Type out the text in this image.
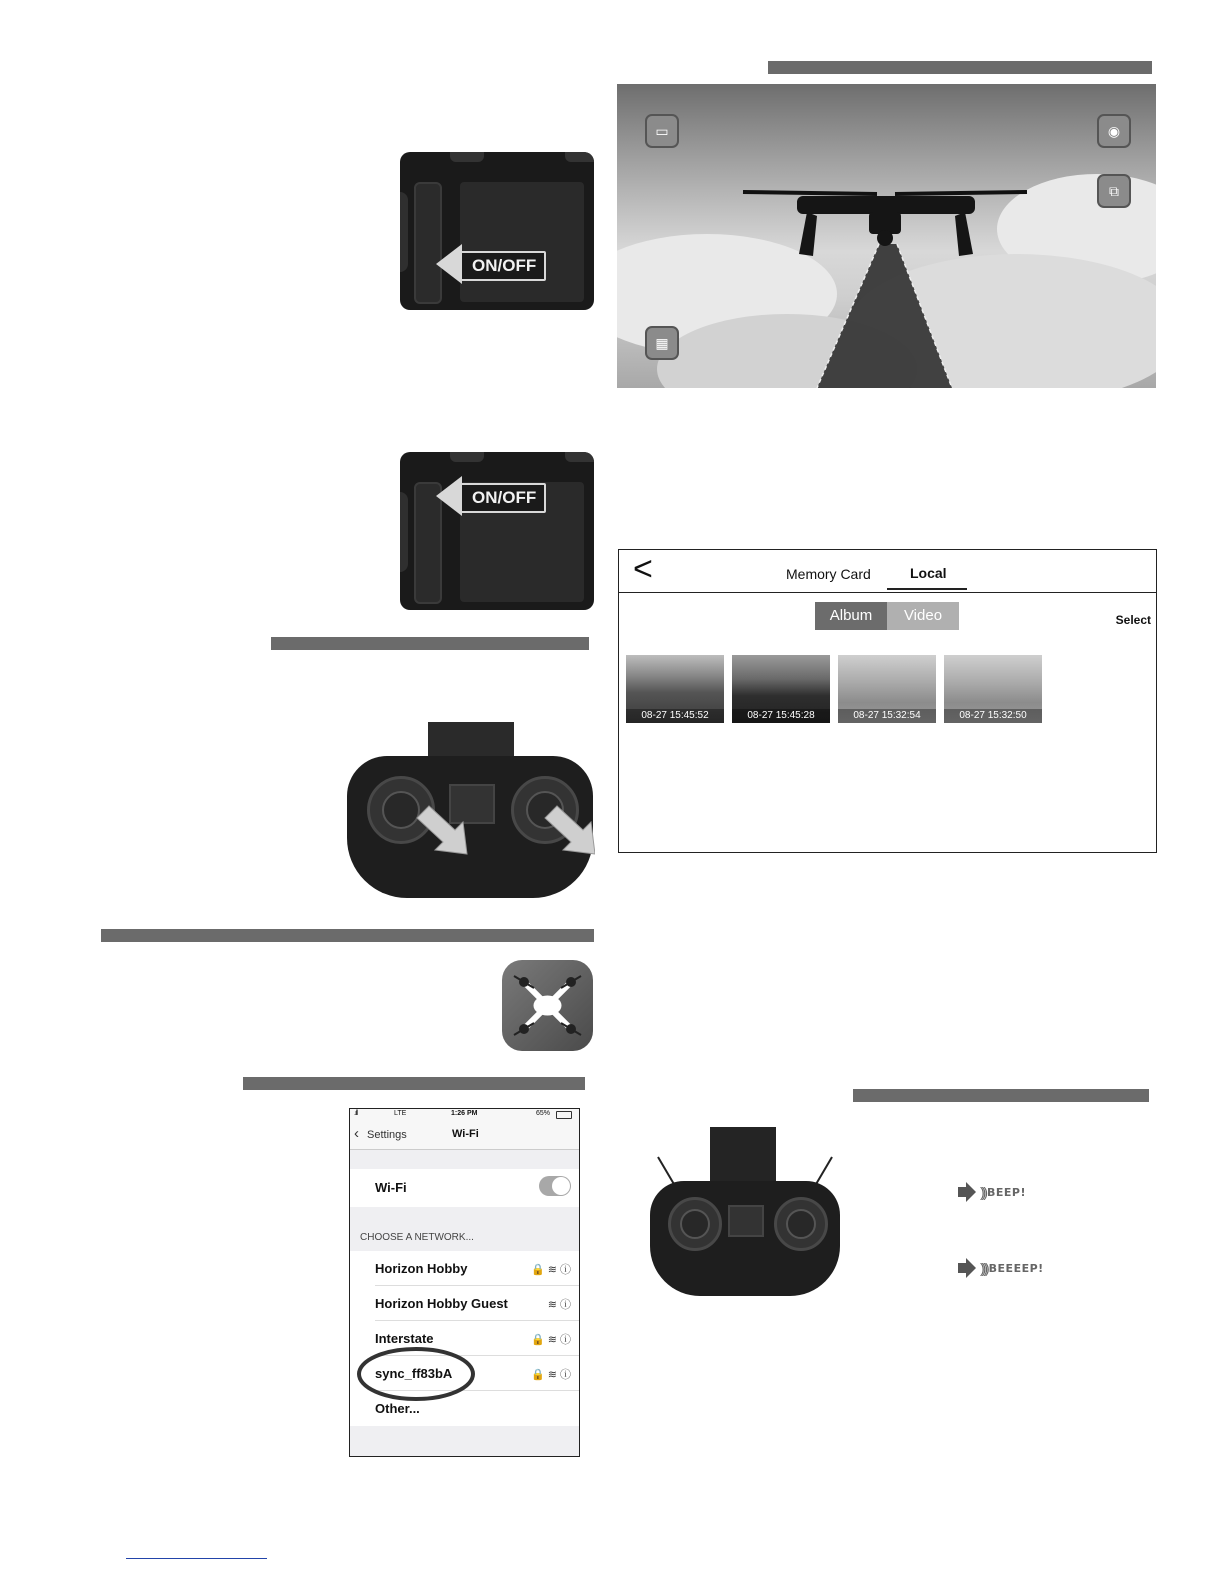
ON/OFF
ON/OFF
.ıll	LTE	1:26 PM	65%
‹ Settings	Wi-Fi
Wi-Fi
CHOOSE A NETWORK...
Horizon Hobby	🔒 ≋ ⓘ
Horizon Hobby Guest	≋ ⓘ
Interstate	🔒 ≋ ⓘ
sync_ff83bA	🔒 ≋ ⓘ
Other...
▭	◉
⧉
▦
<	Memory Card	Local
Album	Video	Select
08-27 15:45:52	08-27 15:45:28	08-27 15:32:54	08-27 15:32:50
))) BEEP!
)))) BEEEEP!
